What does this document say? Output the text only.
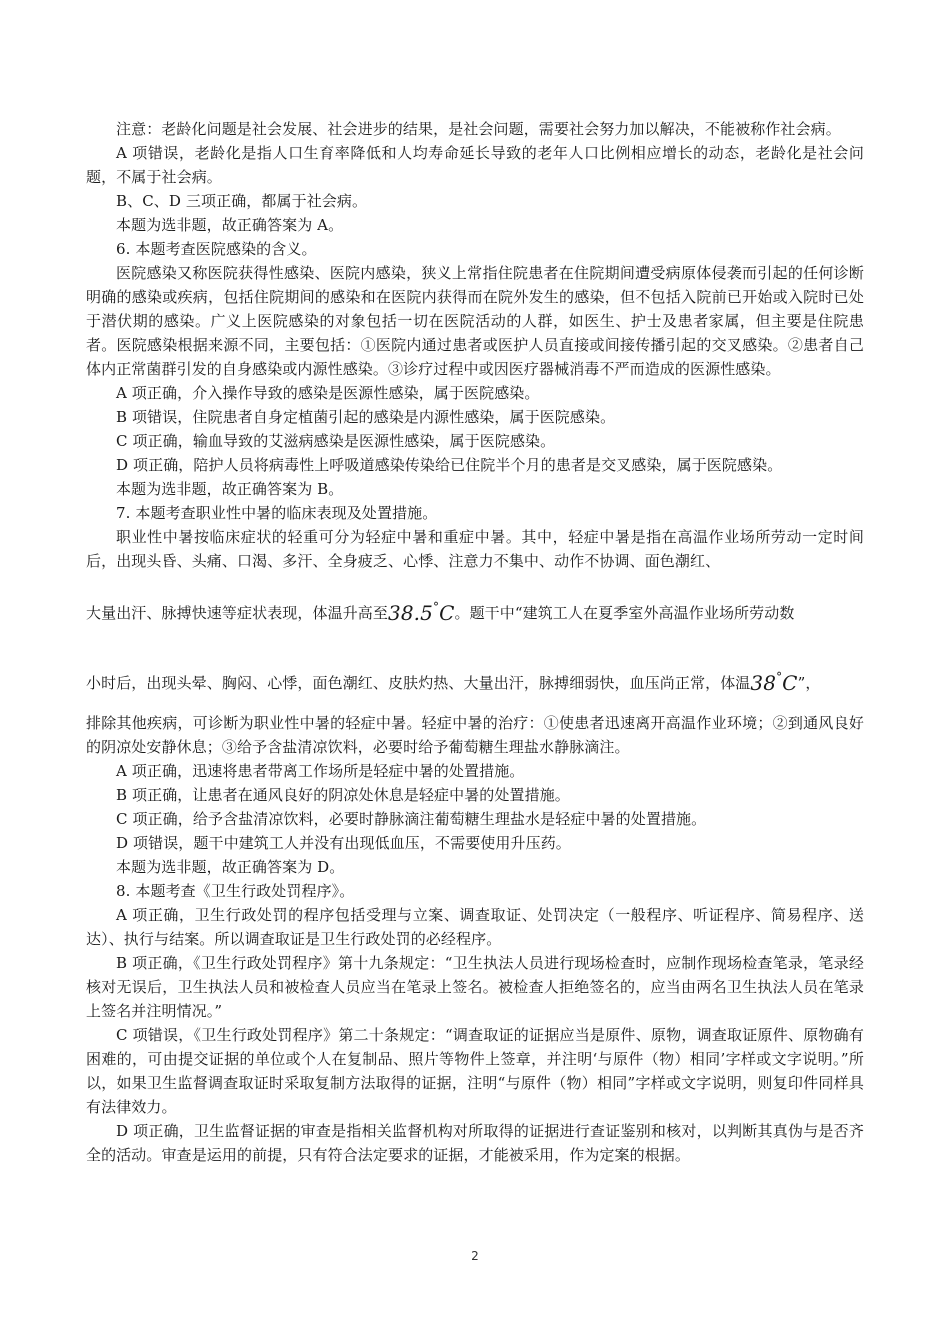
注意：老龄化问题是社会发展、社会进步的结果，是社会问题，需要社会努力加以解决，不能被称作社会病。

A 项错误，老龄化是指人口生育率降低和人均寿命延长导致的老年人口比例相应增长的动态，老龄化是社会问题，不属于社会病。

B、C、D 三项正确，都属于社会病。

本题为选非题，故正确答案为 A。

6. 本题考查医院感染的含义。

医院感染又称医院获得性感染、医院内感染，狭义上常指住院患者在住院期间遭受病原体侵袭而引起的任何诊断明确的感染或疾病，包括住院期间的感染和在医院内获得而在院外发生的感染，但不包括入院前已开始或入院时已处于潜伏期的感染。广义上医院感染的对象包括一切在医院活动的人群，如医生、护士及患者家属，但主要是住院患者。医院感染根据来源不同，主要包括：①医院内通过患者或医护人员直接或间接传播引起的交叉感染。②患者自己体内正常菌群引发的自身感染或内源性感染。③诊疗过程中或因医疗器械消毒不严而造成的医源性感染。

A 项正确，介入操作导致的感染是医源性感染，属于医院感染。

B 项错误，住院患者自身定植菌引起的感染是内源性感染，属于医院感染。

C 项正确，输血导致的艾滋病感染是医源性感染，属于医院感染。

D 项正确，陪护人员将病毒性上呼吸道感染传染给已住院半个月的患者是交叉感染，属于医院感染。

本题为选非题，故正确答案为 B。

7. 本题考查职业性中暑的临床表现及处置措施。

职业性中暑按临床症状的轻重可分为轻症中暑和重症中暑。其中，轻症中暑是指在高温作业场所劳动一定时间后，出现头昏、头痛、口渴、多汗、全身疲乏、心悸、注意力不集中、动作不协调、面色潮红、

大量出汗、脉搏快速等症状表现，体温升高至38.5°C。题干中“建筑工人在夏季室外高温作业场所劳动数

小时后，出现头晕、胸闷、心悸，面色潮红、皮肤灼热、大量出汗，脉搏细弱快，血压尚正常，体温38°C”，

排除其他疾病，可诊断为职业性中暑的轻症中暑。轻症中暑的治疗：①使患者迅速离开高温作业环境；②到通风良好的阴凉处安静休息；③给予含盐清凉饮料，必要时给予葡萄糖生理盐水静脉滴注。

A 项正确，迅速将患者带离工作场所是轻症中暑的处置措施。

B 项正确，让患者在通风良好的阴凉处休息是轻症中暑的处置措施。

C 项正确，给予含盐清凉饮料，必要时静脉滴注葡萄糖生理盐水是轻症中暑的处置措施。

D 项错误，题干中建筑工人并没有出现低血压，不需要使用升压药。

本题为选非题，故正确答案为 D。

8. 本题考查《卫生行政处罚程序》。

A 项正确，卫生行政处罚的程序包括受理与立案、调查取证、处罚决定（一般程序、听证程序、简易程序、送达）、执行与结案。所以调查取证是卫生行政处罚的必经程序。

B 项正确，《卫生行政处罚程序》第十九条规定：“卫生执法人员进行现场检查时，应制作现场检查笔录，笔录经核对无误后，卫生执法人员和被检查人员应当在笔录上签名。被检查人拒绝签名的，应当由两名卫生执法人员在笔录上签名并注明情况。”

C 项错误，《卫生行政处罚程序》第二十条规定：“调查取证的证据应当是原件、原物，调查取证原件、原物确有困难的，可由提交证据的单位或个人在复制品、照片等物件上签章，并注明‘与原件（物）相同’字样或文字说明。”所以，如果卫生监督调查取证时采取复制方法取得的证据，注明“与原件（物）相同”字样或文字说明，则复印件同样具有法律效力。

D 项正确，卫生监督证据的审查是指相关监督机构对所取得的证据进行查证鉴别和核对，以判断其真伪与是否齐全的活动。审查是运用的前提，只有符合法定要求的证据，才能被采用，作为定案的根据。

2
